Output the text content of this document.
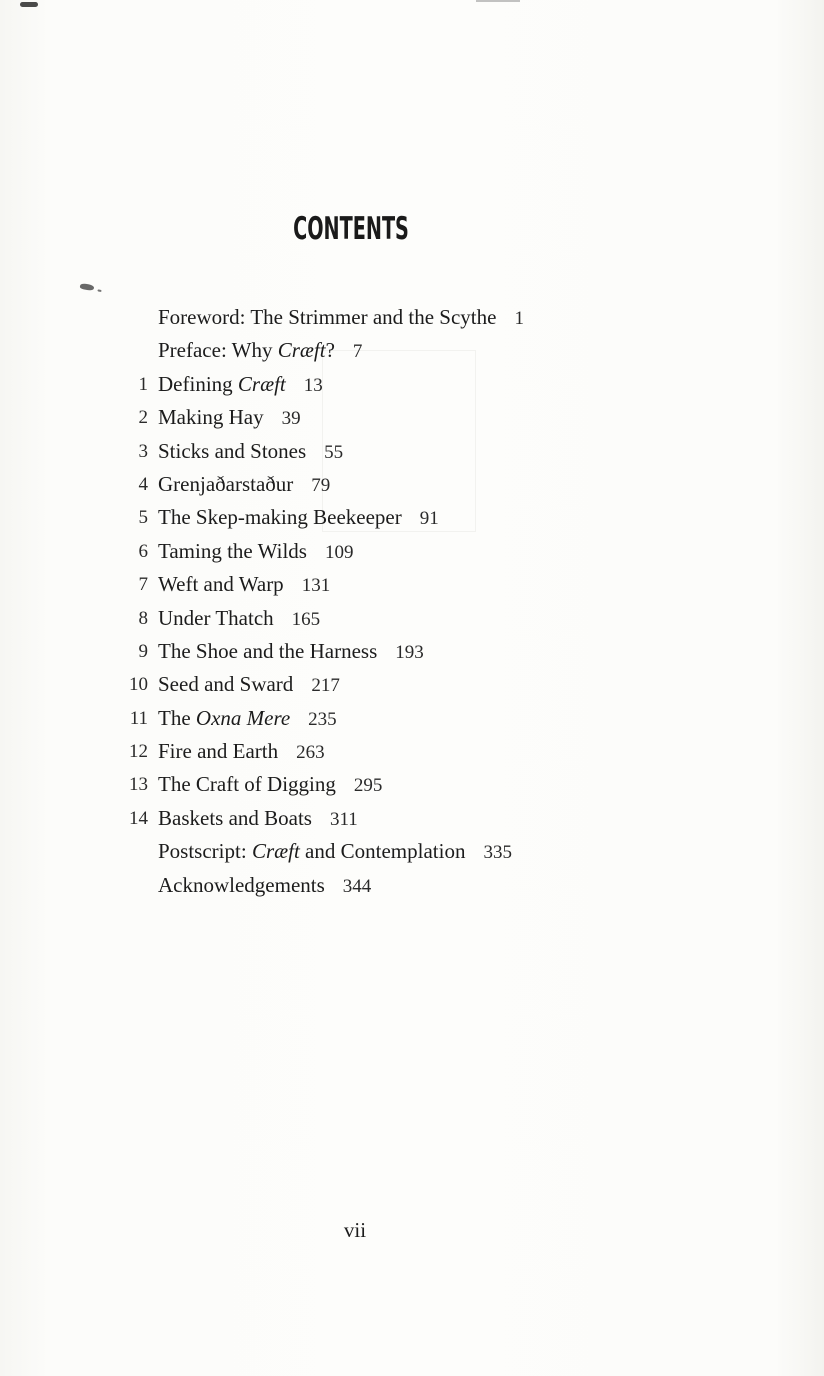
CONTENTS
Foreword: The Strimmer and the Scythe 1
Preface: Why Cræft? 7
1 Defining Cræft 13
2 Making Hay 39
3 Sticks and Stones 55
4 Grenjaðarstaður 79
5 The Skep-making Beekeeper 91
6 Taming the Wilds 109
7 Weft and Warp 131
8 Under Thatch 165
9 The Shoe and the Harness 193
10 Seed and Sward 217
11 The Oxna Mere 235
12 Fire and Earth 263
13 The Craft of Digging 295
14 Baskets and Boats 311
Postscript: Cræft and Contemplation 335
Acknowledgements 344
vii
